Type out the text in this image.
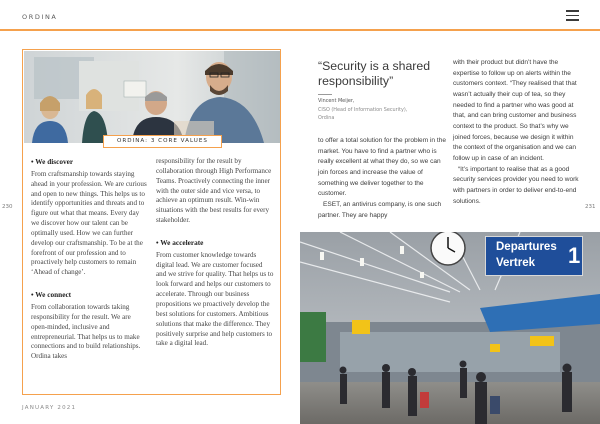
ORDINA
230	231
ORDINA: 3 CORE VALUES
• We discover

From craftsmanship towards staying ahead in your profession. We are curious and open to new things. This helps us to identify opportunities and threats and to figure out what that means. Every day we discover how our talent can be optimally used. How we can further develop our craftsmanship. To be at the forefront of our profession and to proactively help customers to remain ‘Ahead of change’.

• We connect

From collaboration towards taking responsibility for the result. We are open-minded, inclusive and entrepreneurial. That helps us to make connections and to build relationships. Ordina takes

responsibility for the result by collaboration through High Performance Teams. Proactively connecting the inner with the outer side and vice versa, to achieve an optimum result. Win-win situations with the best results for every stakeholder.

• We accelerate

From customer knowledge towards digital lead. We are customer focused and we strive for quality. That helps us to look forward and helps our customers to accelerate. Through our business propositions we proactively develop the best solutions for customers. Ambitious solutions that make the difference. They positively surprise and help customers to take a digital lead.

JANUARY 2021
“Security is a shared responsibility”
Vincent Meijer,
CISO (Head of Information Security),
Ordina

to offer a total solution for the problem in the market. You have to find a partner who is really excellent at what they do, so we can join forces and increase the value of something we deliver together to the customer.

ESET, an antivirus company, is one such partner. They are happy

with their product but didn’t have the expertise to follow up on alerts within the customers context. “They realised that that wasn’t actually their cup of tea, so they needed to find a partner who was good at that, and can bring customer and business context to the product. So that’s why we joined forces, because we design it within the context of the organisation and we can follow up in case of an incident.

“It’s important to realise that as a good security services provider you need to work with partners in order to deliver end-to-end solutions.

Departures
Vertrek 1
